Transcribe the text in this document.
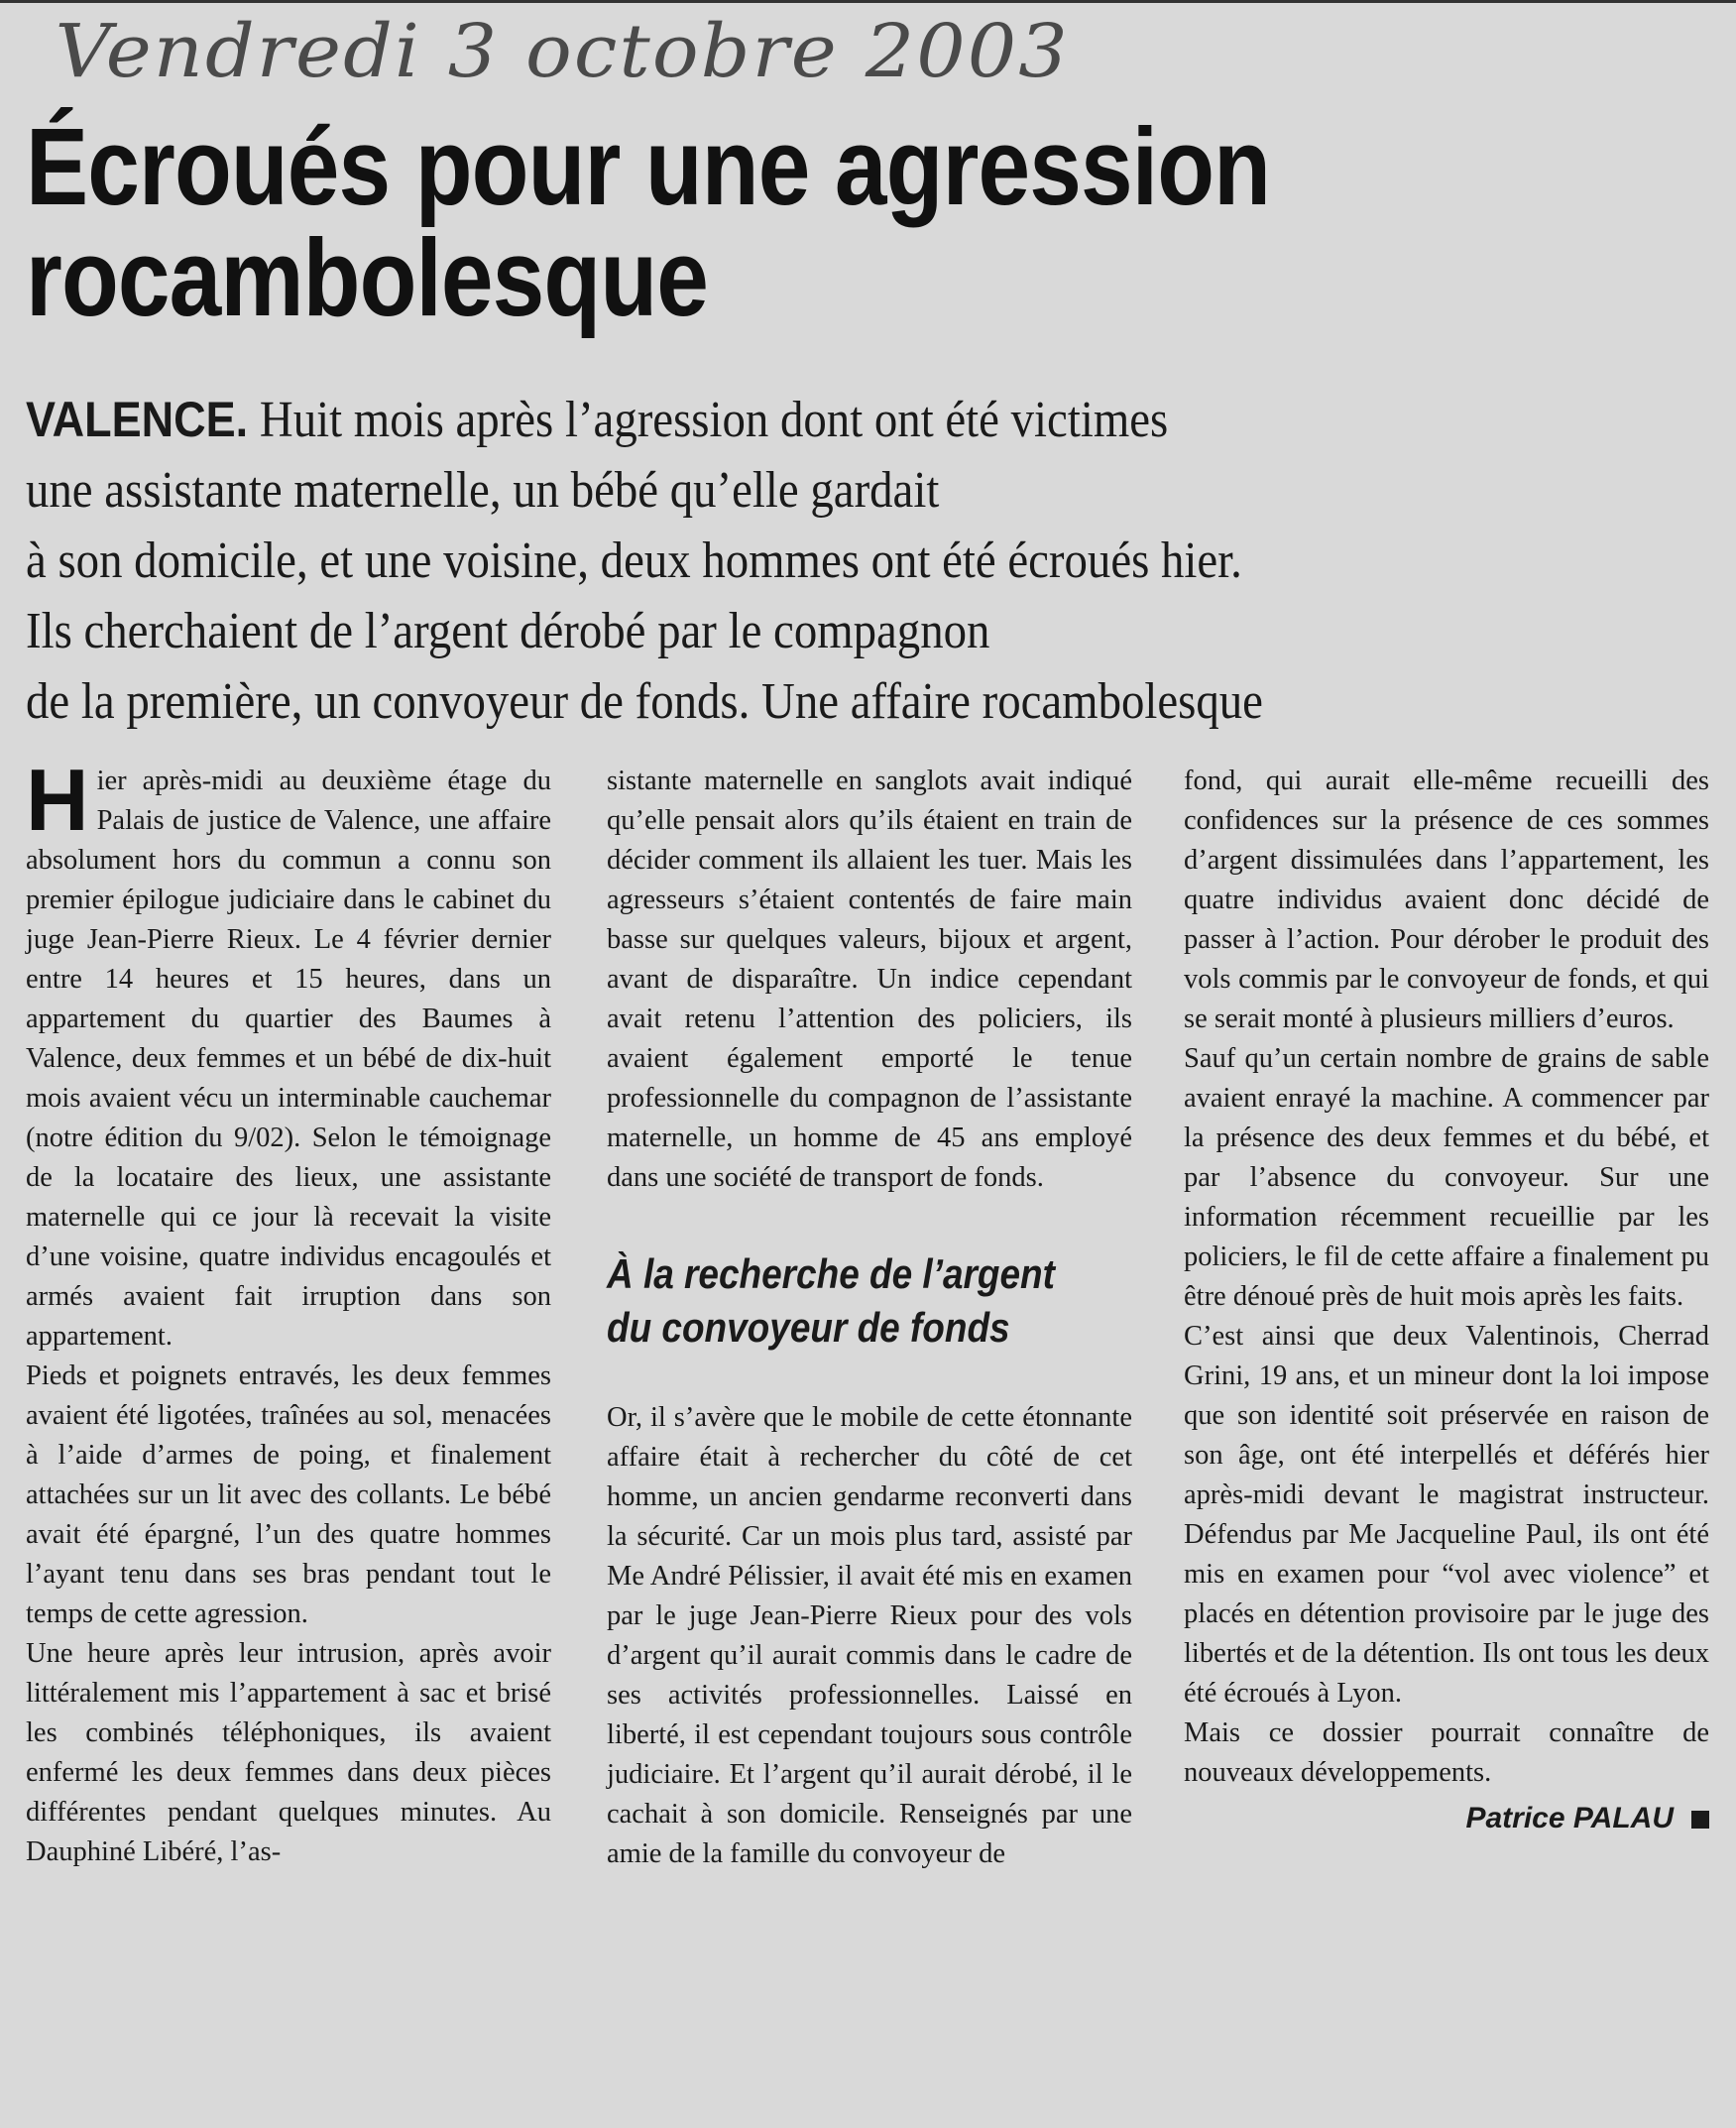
Vendredi 3 octobre 2003
Écroués pour une agression
rocambolesque
VALENCE. Huit mois après l’agression dont ont été victimes
une assistante maternelle, un bébé qu’elle gardait
à son domicile, et une voisine, deux hommes ont été écroués hier.
Ils cherchaient de l’argent dérobé par le compagnon
de la première, un convoyeur de fonds. Une affaire rocambolesque

Hier après-midi au deuxième étage du Palais de justice de Valence, une affaire absolument hors du commun a connu son premier épilogue judiciaire dans le cabinet du juge Jean-Pierre Rieux. Le 4 février dernier entre 14 heures et 15 heures, dans un appartement du quartier des Baumes à Valence, deux femmes et un bébé de dix-huit mois avaient vécu un interminable cauchemar (notre édition du 9/02). Selon le témoignage de la locataire des lieux, une assistante maternelle qui ce jour là recevait la visite d’une voisine, quatre individus encagoulés et armés avaient fait irruption dans son appartement.

Pieds et poignets entravés, les deux femmes avaient été ligotées, traînées au sol, menacées à l’aide d’armes de poing, et finalement attachées sur un lit avec des collants. Le bébé avait été épargné, l’un des quatre hommes l’ayant tenu dans ses bras pendant tout le temps de cette agression.

Une heure après leur intrusion, après avoir littéralement mis l’appartement à sac et brisé les combinés téléphoniques, ils avaient enfermé les deux femmes dans deux pièces différentes pendant quelques minutes. Au Dauphiné Libéré, l’as-

sistante maternelle en sanglots avait indiqué qu’elle pensait alors qu’ils étaient en train de décider comment ils allaient les tuer. Mais les agresseurs s’étaient contentés de faire main basse sur quelques valeurs, bijoux et argent, avant de disparaître. Un indice cependant avait retenu l’attention des policiers, ils avaient également emporté le tenue professionnelle du compagnon de l’assistante maternelle, un homme de 45 ans employé dans une société de transport de fonds.

À la recherche de l’argent
du convoyeur de fonds

Or, il s’avère que le mobile de cette étonnante affaire était à rechercher du côté de cet homme, un ancien gendarme reconverti dans la sécurité. Car un mois plus tard, assisté par Me André Pélissier, il avait été mis en examen par le juge Jean-Pierre Rieux pour des vols d’argent qu’il aurait commis dans le cadre de ses activités professionnelles. Laissé en liberté, il est cependant toujours sous contrôle judiciaire. Et l’argent qu’il aurait dérobé, il le cachait à son domicile. Renseignés par une amie de la famille du convoyeur de

fond, qui aurait elle-même recueilli des confidences sur la présence de ces sommes d’argent dissimulées dans l’appartement, les quatre individus avaient donc décidé de passer à l’action. Pour dérober le produit des vols commis par le convoyeur de fonds, et qui se serait monté à plusieurs milliers d’euros.

Sauf qu’un certain nombre de grains de sable avaient enrayé la machine. A commencer par la présence des deux femmes et du bébé, et par l’absence du convoyeur. Sur une information récemment recueillie par les policiers, le fil de cette affaire a finalement pu être dénoué près de huit mois après les faits.

C’est ainsi que deux Valentinois, Cherrad Grini, 19 ans, et un mineur dont la loi impose que son identité soit préservée en raison de son âge, ont été interpellés et déférés hier après-midi devant le magistrat instructeur. Défendus par Me Jacqueline Paul, ils ont été mis en examen pour “vol avec violence” et placés en détention provisoire par le juge des libertés et de la détention. Ils ont tous les deux été écroués à Lyon.

Mais ce dossier pourrait connaître de nouveaux développements.

Patrice PALAU
